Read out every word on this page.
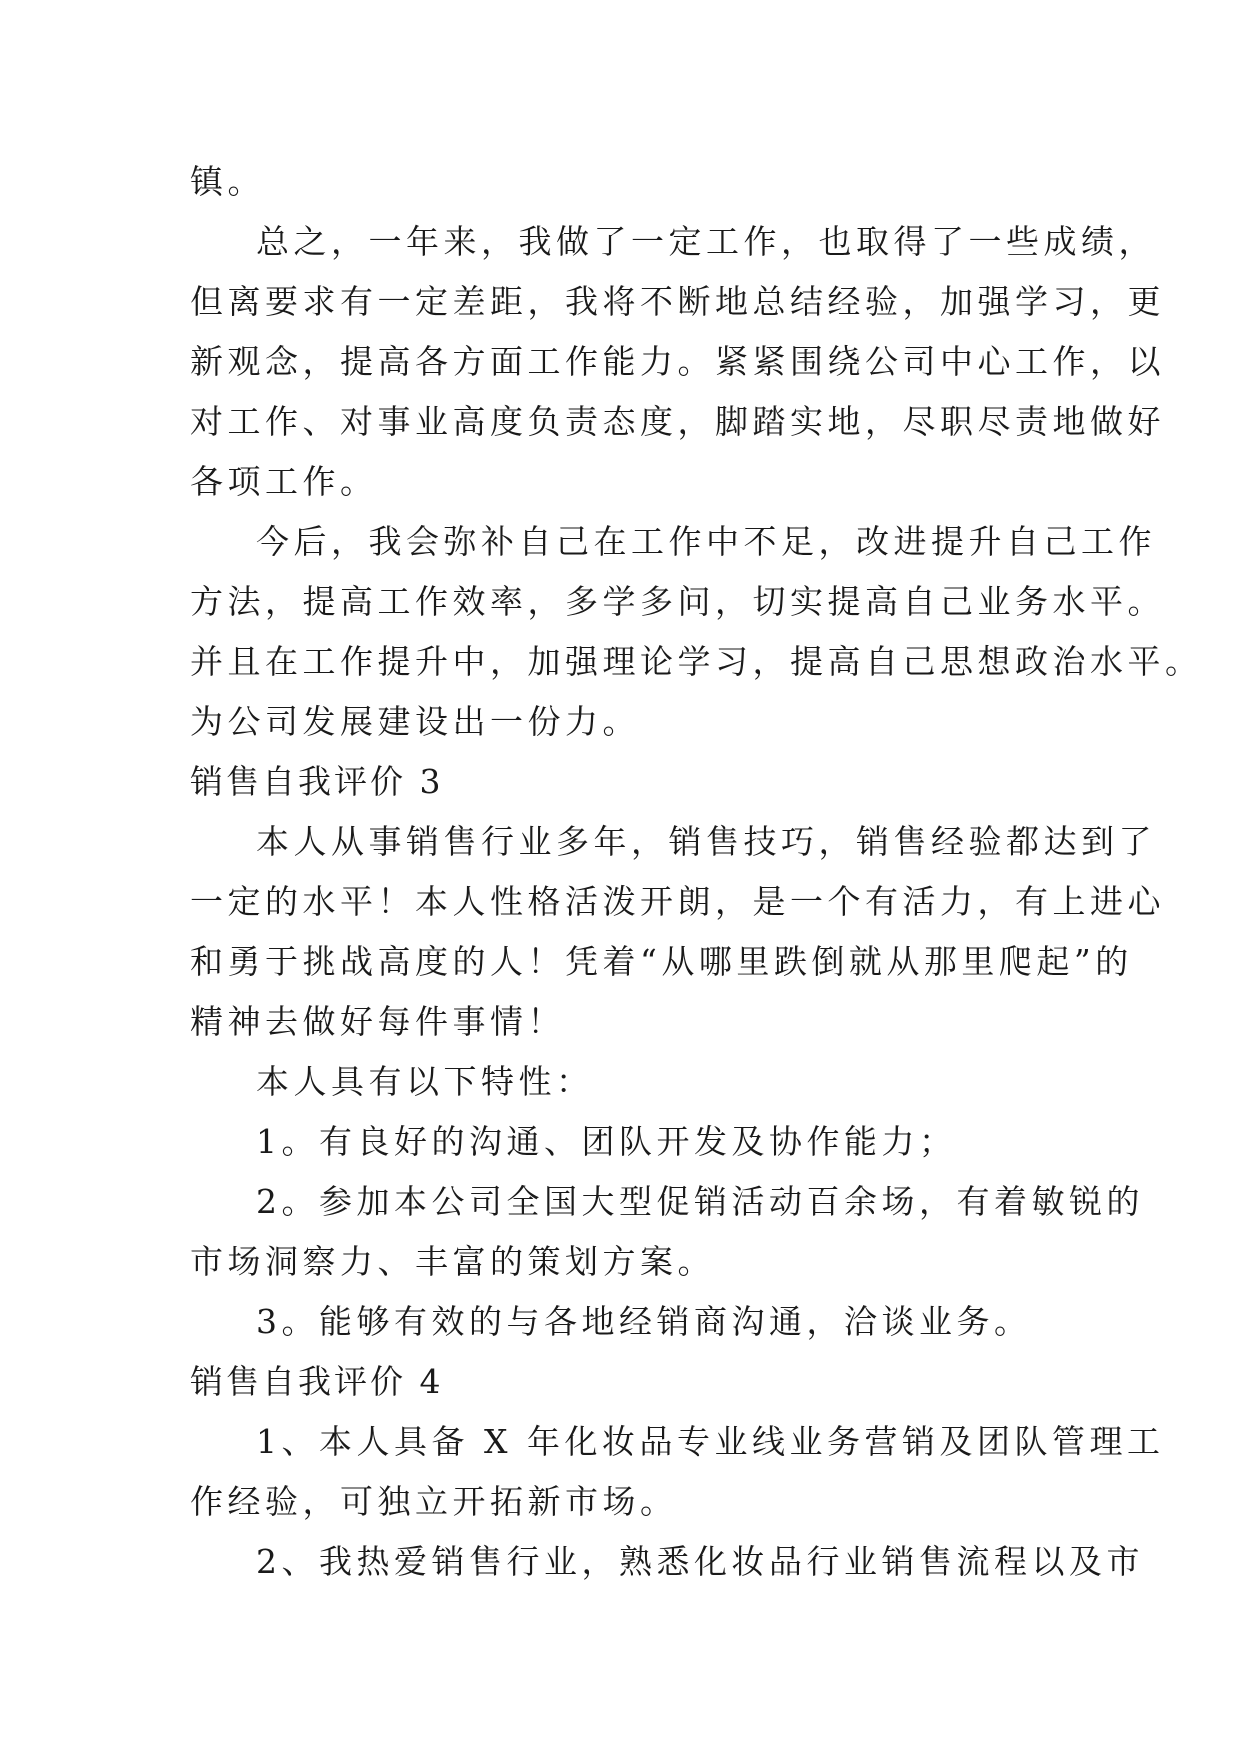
镇。
总之，一年来，我做了一定工作，也取得了一些成绩，
但离要求有一定差距，我将不断地总结经验，加强学习，更
新观念，提高各方面工作能力。紧紧围绕公司中心工作，以
对工作、对事业高度负责态度，脚踏实地，尽职尽责地做好
各项工作。
今后，我会弥补自己在工作中不足，改进提升自己工作
方法，提高工作效率，多学多问，切实提高自己业务水平。
并且在工作提升中，加强理论学习，提高自己思想政治水平。
为公司发展建设出一份力。
销售自我评价 3
本人从事销售行业多年，销售技巧，销售经验都达到了
一定的水平！本人性格活泼开朗，是一个有活力，有上进心
和勇于挑战高度的人！凭着“从哪里跌倒就从那里爬起”的
精神去做好每件事情！
本人具有以下特性：
1。有良好的沟通、团队开发及协作能力；
2。参加本公司全国大型促销活动百余场，有着敏锐的
市场洞察力、丰富的策划方案。
3。能够有效的与各地经销商沟通，洽谈业务。
销售自我评价 4
1、本人具备 X 年化妆品专业线业务营销及团队管理工
作经验，可独立开拓新市场。
2、我热爱销售行业，熟悉化妆品行业销售流程以及市
